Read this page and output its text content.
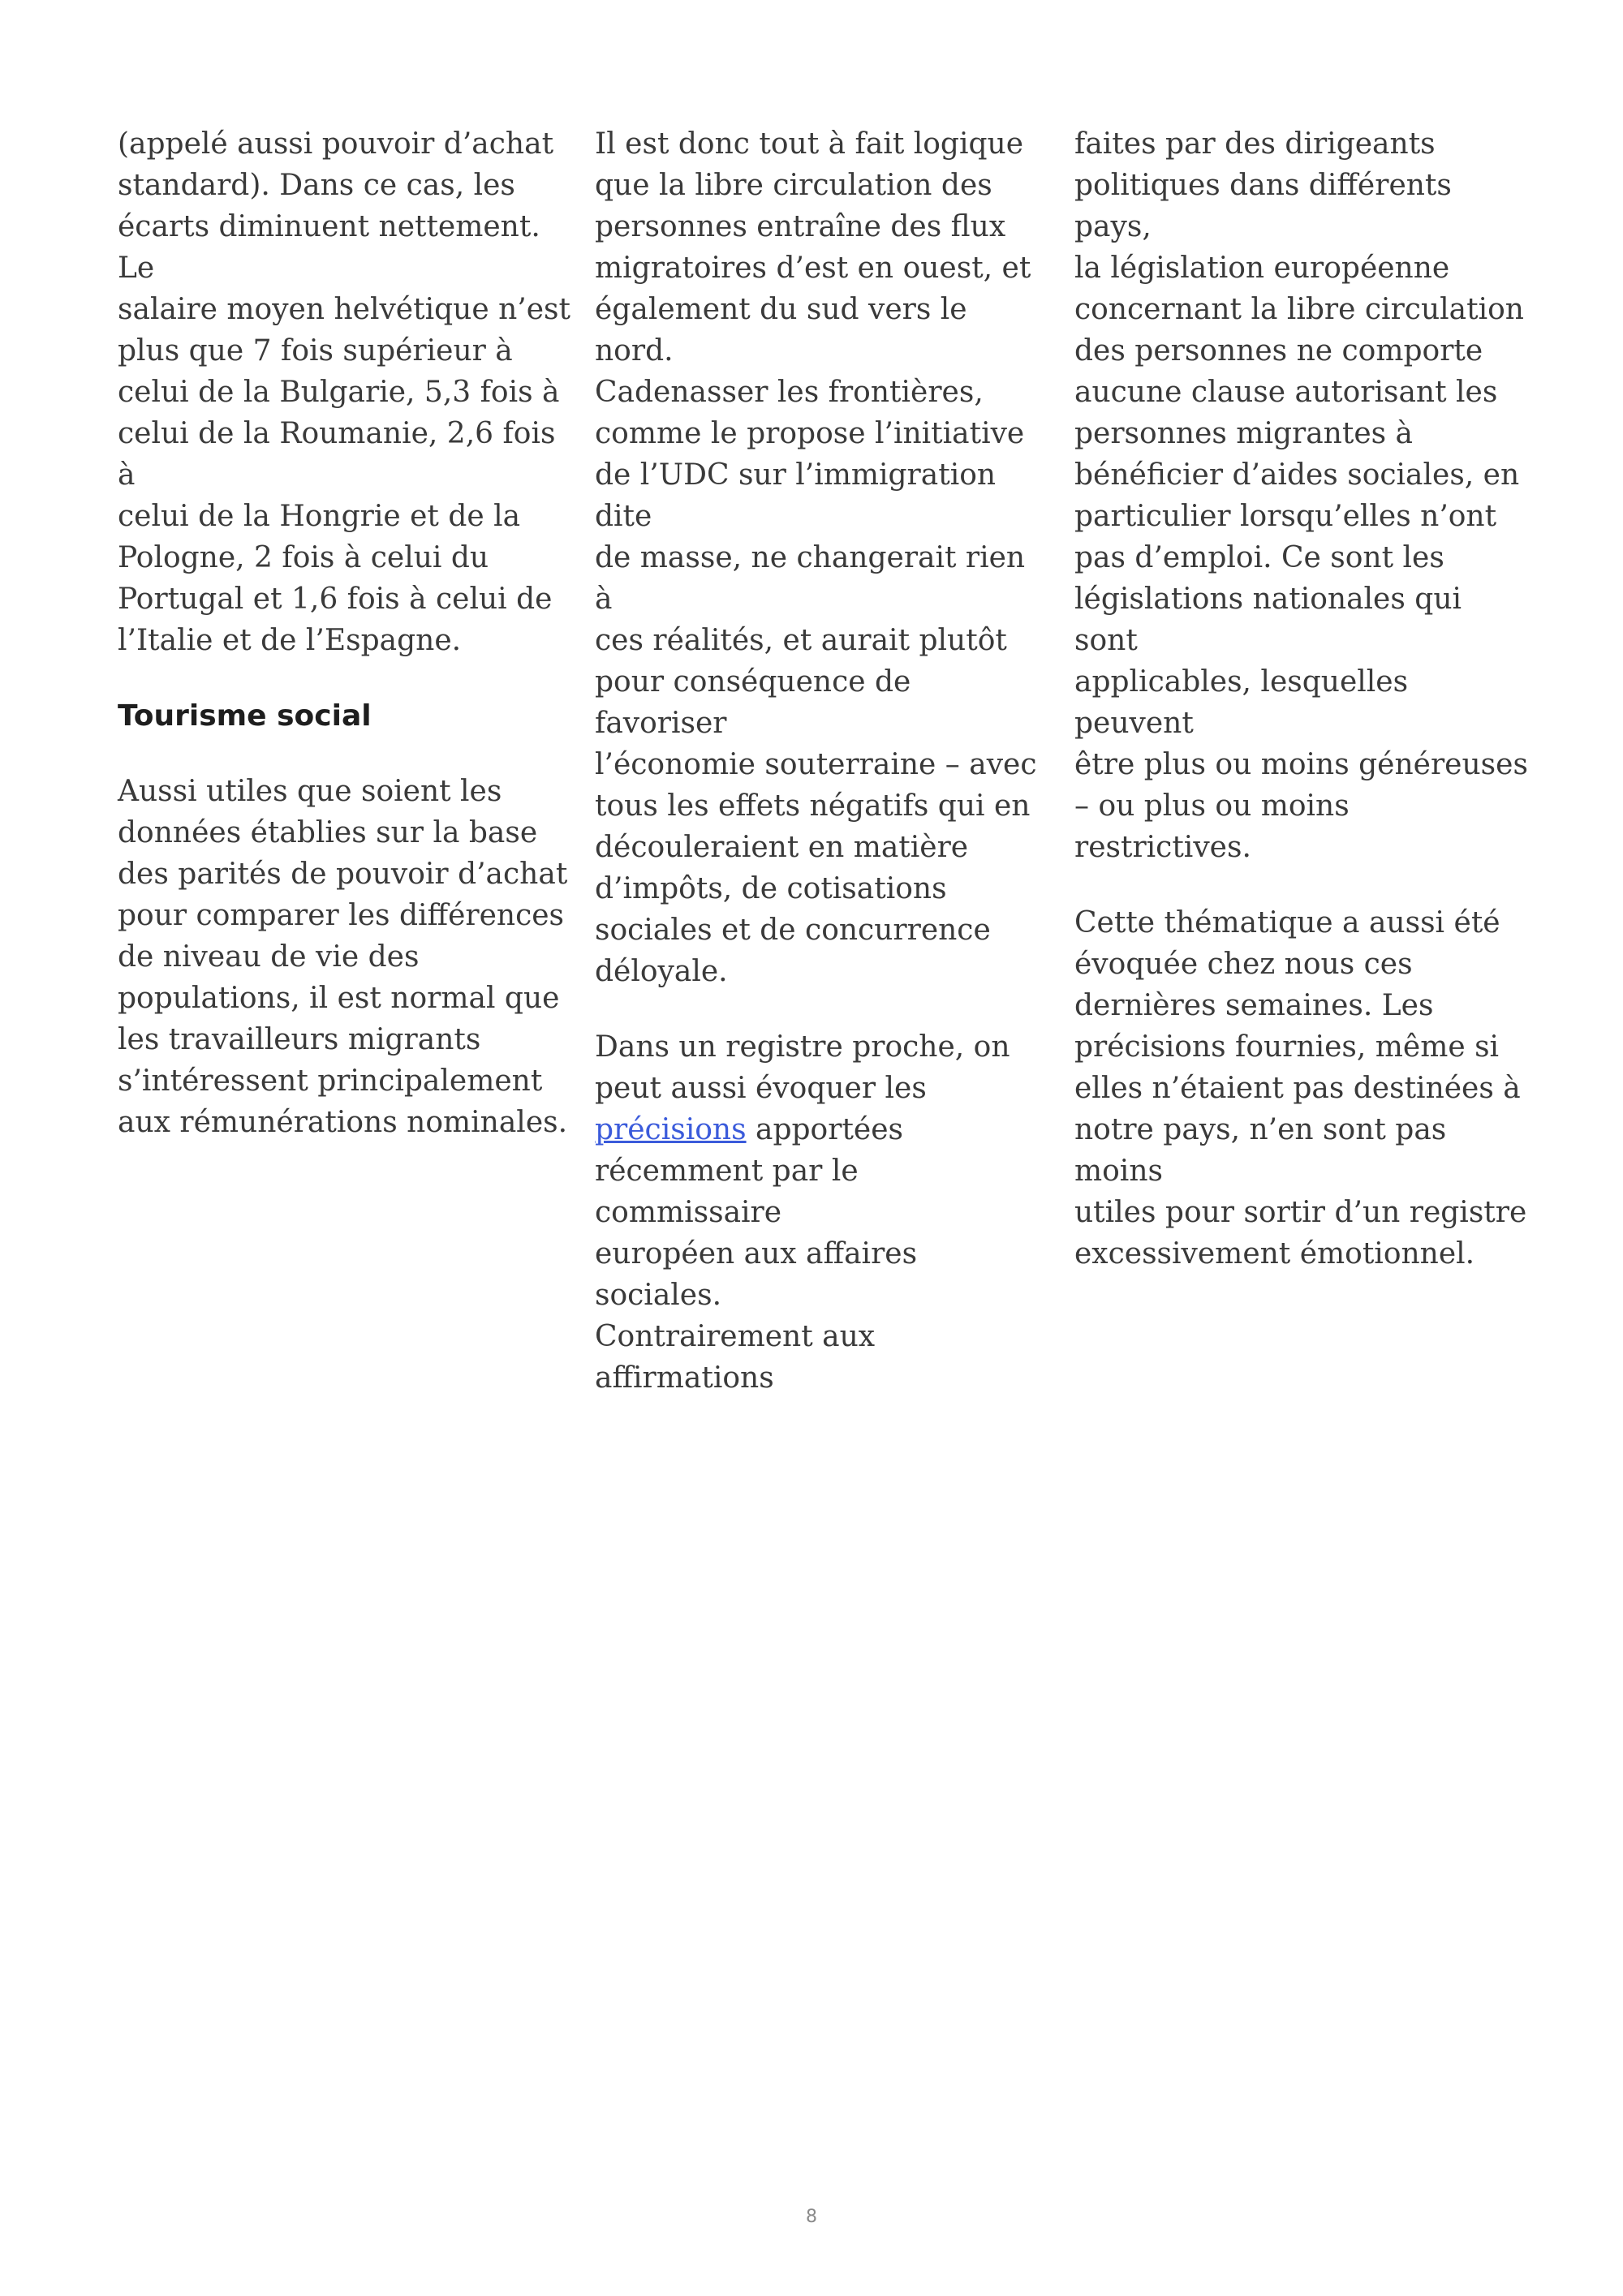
(appelé aussi pouvoir d’achat
standard). Dans ce cas, les
écarts diminuent nettement. Le
salaire moyen helvétique n’est
plus que 7 fois supérieur à
celui de la Bulgarie, 5,3 fois à
celui de la Roumanie, 2,6 fois à
celui de la Hongrie et de la
Pologne, 2 fois à celui du
Portugal et 1,6 fois à celui de
l’Italie et de l’Espagne.

Tourisme social

Aussi utiles que soient les
données établies sur la base
des parités de pouvoir d’achat
pour comparer les différences
de niveau de vie des
populations, il est normal que
les travailleurs migrants
s’intéressent principalement
aux rémunérations nominales.

Il est donc tout à fait logique
que la libre circulation des
personnes entraîne des flux
migratoires d’est en ouest, et
également du sud vers le nord.
Cadenasser les frontières,
comme le propose l’initiative
de l’UDC sur l’immigration dite
de masse, ne changerait rien à
ces réalités, et aurait plutôt
pour conséquence de favoriser
l’économie souterraine – avec
tous les effets négatifs qui en
découleraient en matière
d’impôts, de cotisations
sociales et de concurrence
déloyale.

Dans un registre proche, on
peut aussi évoquer les
précisions apportées
récemment par le commissaire
européen aux affaires sociales.
Contrairement aux affirmations

faites par des dirigeants
politiques dans différents pays,
la législation européenne
concernant la libre circulation
des personnes ne comporte
aucune clause autorisant les
personnes migrantes à
bénéficier d’aides sociales, en
particulier lorsqu’elles n’ont
pas d’emploi. Ce sont les
législations nationales qui sont
applicables, lesquelles peuvent
être plus ou moins généreuses
– ou plus ou moins restrictives.

Cette thématique a aussi été
évoquée chez nous ces
dernières semaines. Les
précisions fournies, même si
elles n’étaient pas destinées à
notre pays, n’en sont pas moins
utiles pour sortir d’un registre
excessivement émotionnel.

8
